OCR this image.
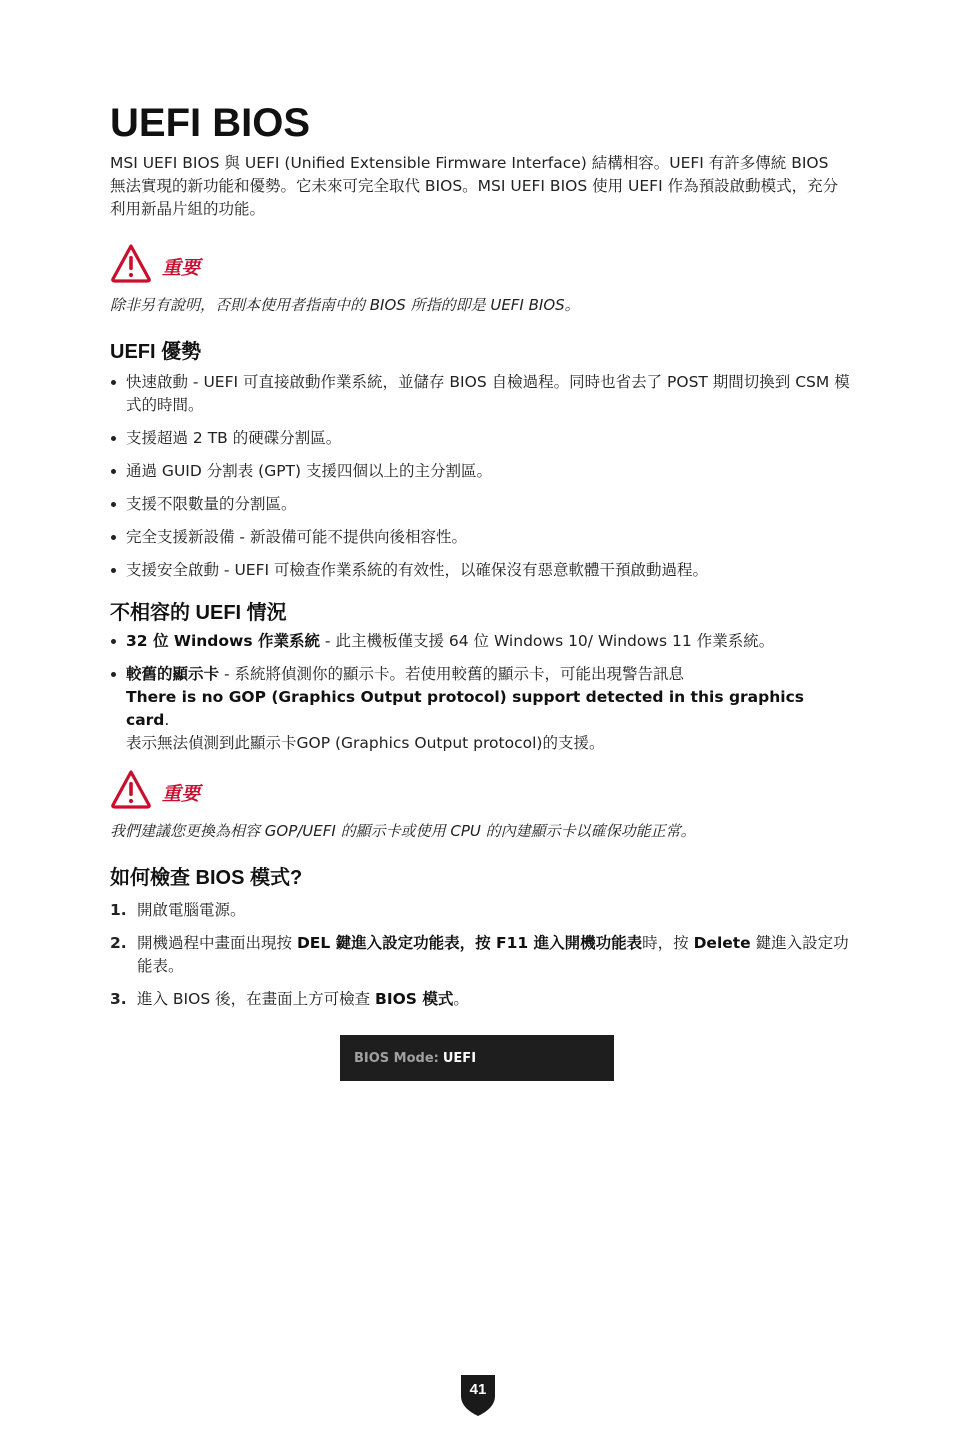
UEFI BIOS
MSI UEFI BIOS 與 UEFI (Unified Extensible Firmware Interface) 結構相容。UEFI 有許多傳統 BIOS 無法實現的新功能和優勢。它未來可完全取代 BIOS。MSI UEFI BIOS 使用 UEFI 作為預設啟動模式，充分利用新晶片組的功能。
重要
除非另有說明，否則本使用者指南中的 BIOS 所指的即是 UEFI BIOS。
UEFI 優勢
快速啟動 - UEFI 可直接啟動作業系統，並儲存 BIOS 自檢過程。同時也省去了 POST 期間切換到 CSM 模式的時間。
支援超過 2 TB 的硬碟分割區。
通過 GUID 分割表 (GPT) 支援四個以上的主分割區。
支援不限數量的分割區。
完全支援新設備 - 新設備可能不提供向後相容性。
支援安全啟動 - UEFI 可檢查作業系統的有效性，以確保沒有惡意軟體干預啟動過程。
不相容的 UEFI 情況
32 位 Windows 作業系統 - 此主機板僅支援 64 位 Windows 10/ Windows 11 作業系統。
較舊的顯示卡 - 系統將偵測你的顯示卡。若使用較舊的顯示卡，可能出現警告訊息
There is no GOP (Graphics Output protocol) support detected in this graphics card.
表示無法偵測到此顯示卡GOP (Graphics Output protocol)的支援。
重要
我們建議您更換為相容 GOP/UEFI 的顯示卡或使用 CPU 的內建顯示卡以確保功能正常。
如何檢查 BIOS 模式?
1. 開啟電腦電源。
2. 開機過程中畫面出現按 DEL 鍵進入設定功能表，按 F11 進入開機功能表時，按 Delete 鍵進入設定功能表。
3. 進入 BIOS 後，在畫面上方可檢查 BIOS 模式。
BIOS Mode: UEFI
41
